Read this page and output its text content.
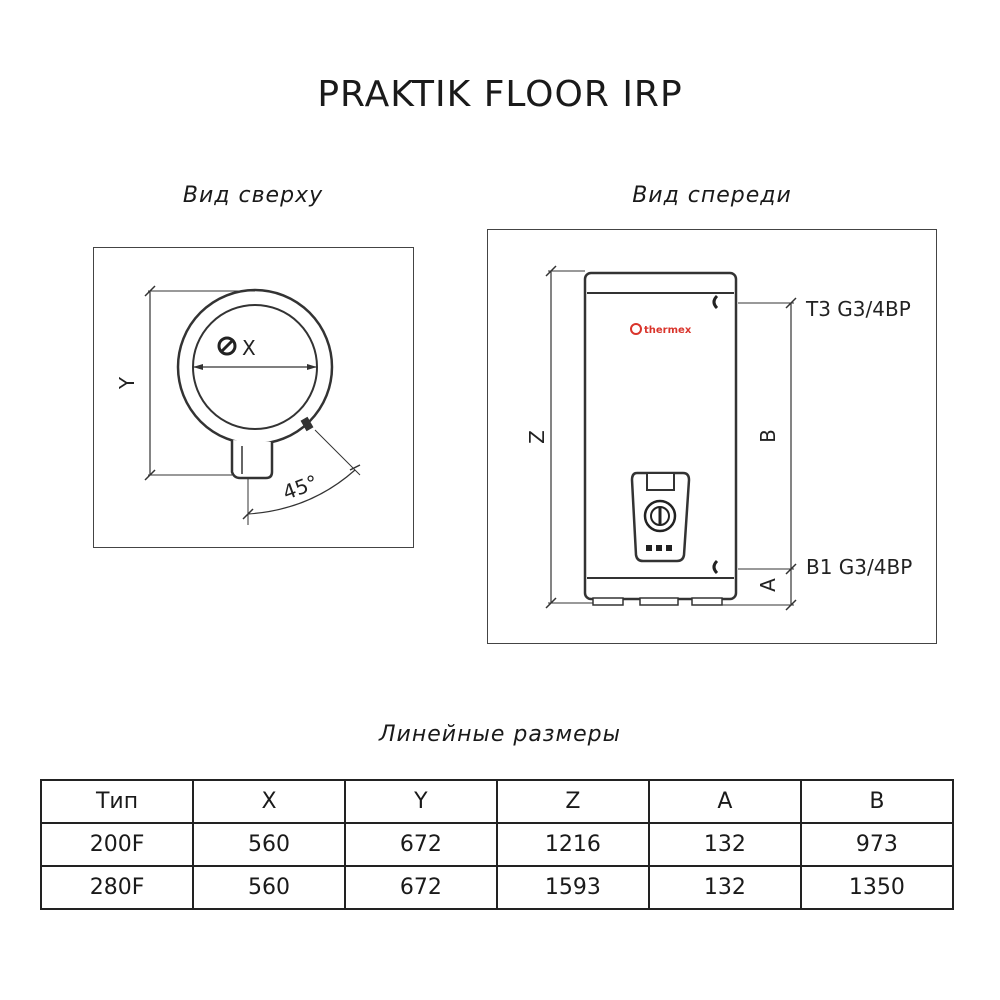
PRAKTIK FLOOR IRP
Вид сверху	Вид спереди
X
Y
45°
thermex
Z	B
A
T3 G3/4BP
B1 G3/4BP
Линейные размеры
Тип	X	Y	Z	A	B
200F	560	672	1216	132	973
280F	560	672	1593	132	1350
